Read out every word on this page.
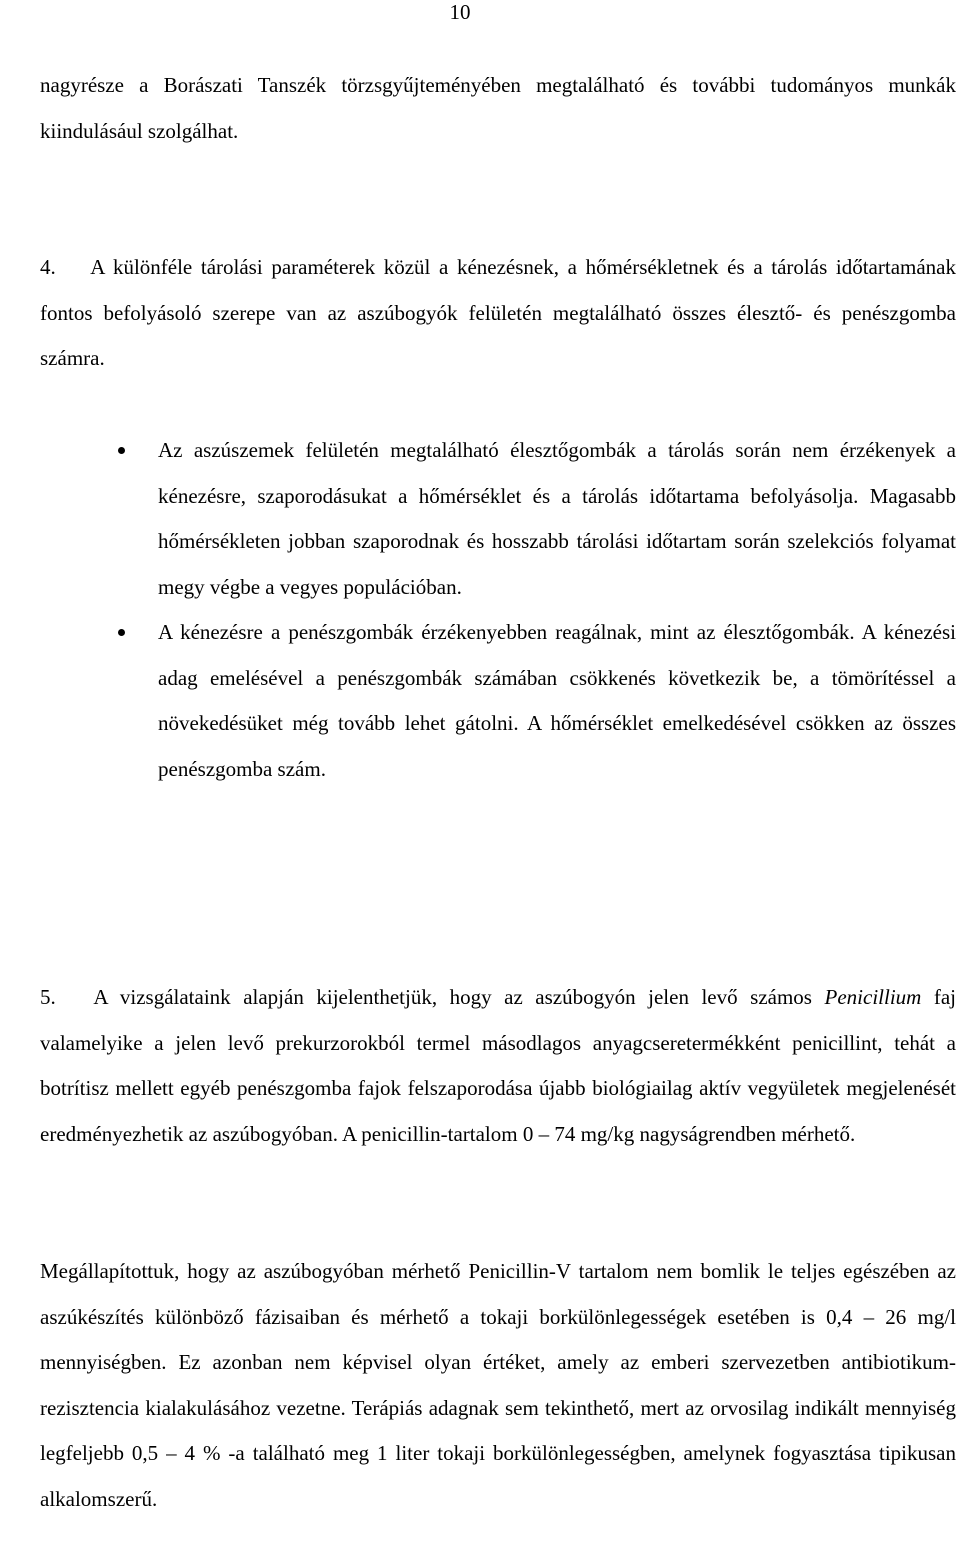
10
nagyrésze a Borászati Tanszék törzsgyűjteményében megtalálható és további tudományos munkák kiindulásául szolgálhat.
4. A különféle tárolási paraméterek közül a kénezésnek, a hőmérsékletnek és a tárolás időtartamának fontos befolyásoló szerepe van az aszúbogyók felületén megtalálható összes élesztő- és penészgomba számra.
Az aszúszemek felületén megtalálható élesztőgombák a tárolás során nem érzékenyek a kénezésre, szaporodásukat a hőmérséklet és a tárolás időtartama befolyásolja. Magasabb hőmérsékleten jobban szaporodnak és hosszabb tárolási időtartam során szelekciós folyamat megy végbe a vegyes populációban.
A kénezésre a penészgombák érzékenyebben reagálnak, mint az élesztőgombák. A kénezési adag emelésével a penészgombák számában csökkenés következik be, a tömörítéssel a növekedésüket még tovább lehet gátolni. A hőmérséklet emelkedésével csökken az összes penészgomba szám.
5. A vizsgálataink alapján kijelenthetjük, hogy az aszúbogyón jelen levő számos Penicillium faj valamelyike a jelen levő prekurzorokból termel másodlagos anyagcseretermékként penicillint, tehát a botrítisz mellett egyéb penészgomba fajok felszaporodása újabb biológiailag aktív vegyületek megjelenését eredményezhetik az aszúbogyóban. A penicillin-tartalom 0 – 74 mg/kg nagyságrendben mérhető.
Megállapítottuk, hogy az aszúbogyóban mérhető Penicillin-V tartalom nem bomlik le teljes egészében az aszúkészítés különböző fázisaiban és mérhető a tokaji borkülönlegességek esetében is 0,4 – 26 mg/l mennyiségben. Ez azonban nem képvisel olyan értéket, amely az emberi szervezetben antibiotikum-rezisztencia kialakulásához vezetne. Terápiás adagnak sem tekinthető, mert az orvosilag indikált mennyiség legfeljebb 0,5 – 4 % -a található meg 1 liter tokaji borkülönlegességben, amelynek fogyasztása tipikusan alkalomszerű.
